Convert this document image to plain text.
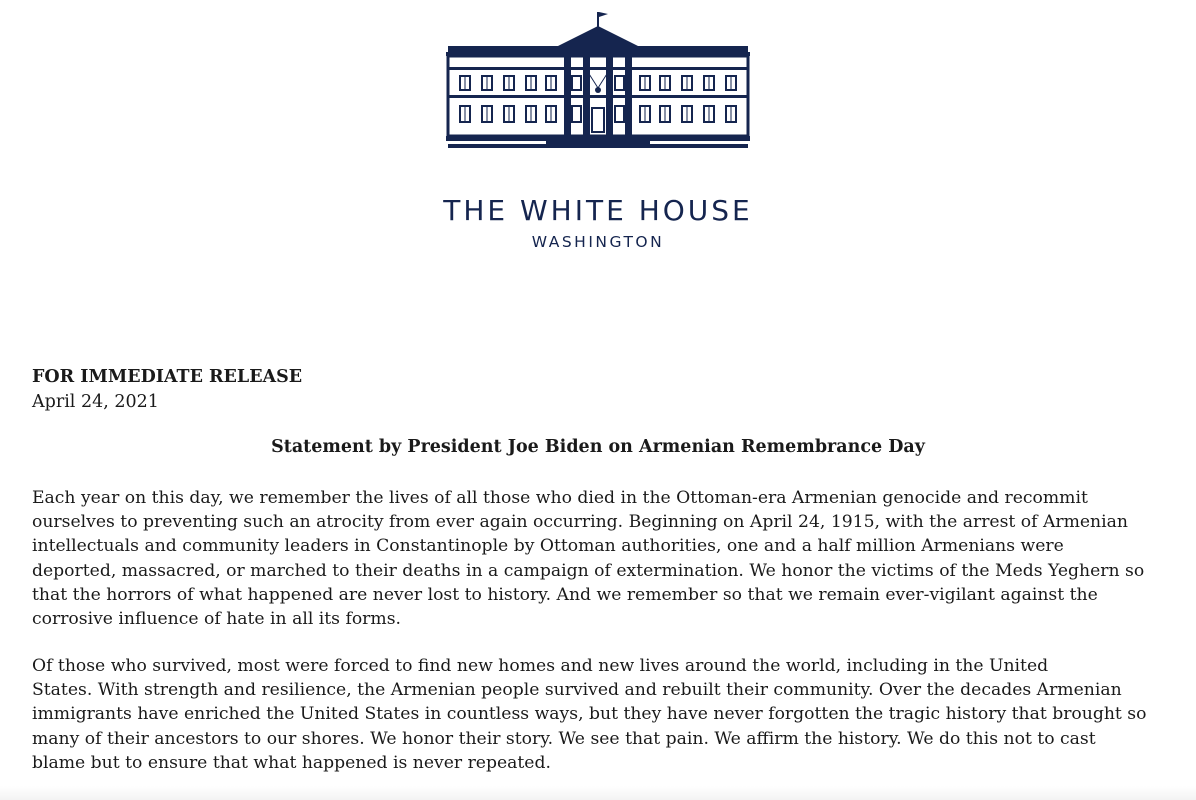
THE WHITE HOUSE
WASHINGTON

FOR IMMEDIATE RELEASE

April 24, 2021

Statement by President Joe Biden on Armenian Remembrance Day

Each year on this day, we remember the lives of all those who died in the Ottoman-era Armenian genocide and recommit
ourselves to preventing such an atrocity from ever again occurring. Beginning on April 24, 1915, with the arrest of Armenian
intellectuals and community leaders in Constantinople by Ottoman authorities, one and a half million Armenians were
deported, massacred, or marched to their deaths in a campaign of extermination. We honor the victims of the Meds Yeghern so
that the horrors of what happened are never lost to history. And we remember so that we remain ever-vigilant against the
corrosive influence of hate in all its forms.

Of those who survived, most were forced to find new homes and new lives around the world, including in the United
States. With strength and resilience, the Armenian people survived and rebuilt their community. Over the decades Armenian
immigrants have enriched the United States in countless ways, but they have never forgotten the tragic history that brought so
many of their ancestors to our shores. We honor their story. We see that pain. We affirm the history. We do this not to cast
blame but to ensure that what happened is never repeated.
